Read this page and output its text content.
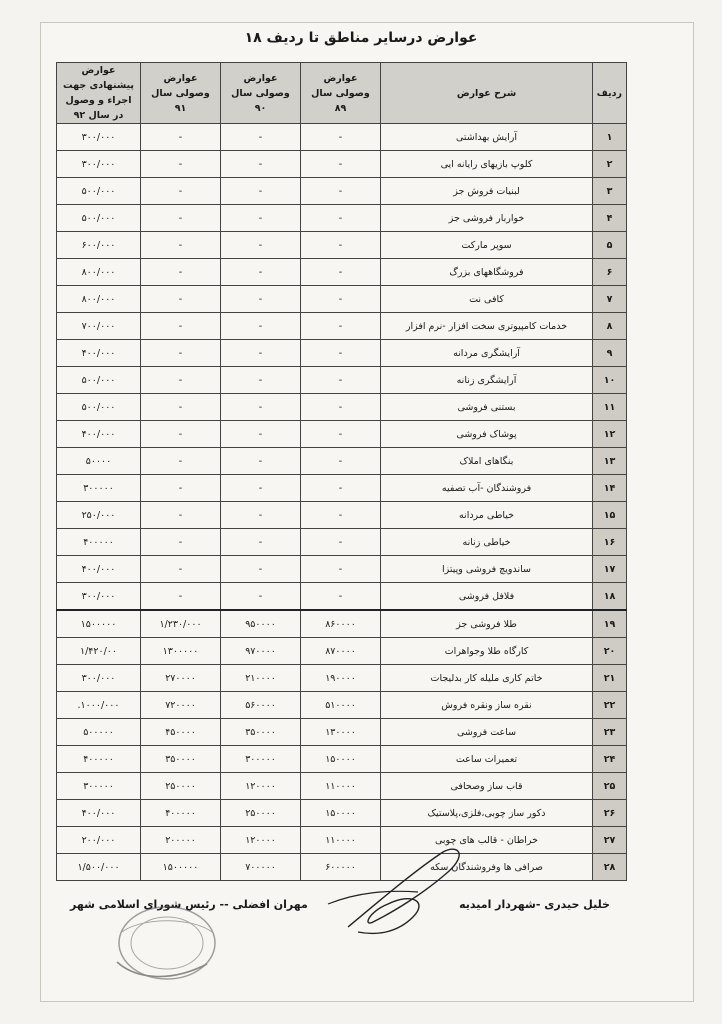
عوارض درسایر مناطق تا ردیف ۱۸
ردیف	شرح عوارض	عوارض وصولی سال ۸۹	عوارض وصولی سال ۹۰	عوارض وصولی سال ۹۱	عوارض پیشنهادی جهت اجراء و وصول در سال ۹۲
۱	آرایش بهداشتی	-	-	-	۳۰۰/۰۰۰
۲	کلوپ بازیهای رایانه ایی	-	-	-	۳۰۰/۰۰۰
۳	لبنیات فروش جز	-	-	-	۵۰۰/۰۰۰
۴	خواربار فروشی جز	-	-	-	۵۰۰/۰۰۰
۵	سوپر مارکت	-	-	-	۶۰۰/۰۰۰
۶	فروشگاههای بزرگ	-	-	-	۸۰۰/۰۰۰
۷	کافی نت	-	-	-	۸۰۰/۰۰۰
۸	خدمات کامپیوتری سخت افزار -نرم افزار	-	-	-	۷۰۰/۰۰۰
۹	آرایشگری مردانه	-	-	-	۴۰۰/۰۰۰
۱۰	آرایشگری زنانه	-	-	-	۵۰۰/۰۰۰
۱۱	بستنی فروشی	-	-	-	۵۰۰/۰۰۰
۱۲	پوشاک فروشی	-	-	-	۴۰۰/۰۰۰
۱۳	بنگاهای املاک	-	-	-	۵۰۰۰۰
۱۴	فروشندگان -آب تصفیه	-	-	-	۳۰۰۰۰۰
۱۵	خیاطی مردانه	-	-	-	۲۵۰/۰۰۰
۱۶	خیاطی زنانه	-	-	-	۴۰۰۰۰۰
۱۷	ساندویچ فروشی وپیتزا	-	-	-	۴۰۰/۰۰۰
۱۸	فلافل فروشی	-	-	-	۳۰۰/۰۰۰
۱۹	طلا فروشی جز	۸۶۰۰۰۰	۹۵۰۰۰۰	۱/۲۳۰/۰۰۰	۱۵۰۰۰۰۰
۲۰	کارگاه طلا وجواهرات	۸۷۰۰۰۰	۹۷۰۰۰۰	۱۳۰۰۰۰۰	۱/۴۲۰/۰۰
۲۱	خاتم کاری ملیله کار بدلیجات	۱۹۰۰۰۰	۲۱۰۰۰۰	۲۷۰۰۰۰	۳۰۰/۰۰۰
۲۲	نقره ساز ونقره فروش	۵۱۰۰۰۰	۵۶۰۰۰۰	۷۲۰۰۰۰	۱۰۰۰/۰۰۰.
۲۳	ساعت فروشی	۱۳۰۰۰۰	۳۵۰۰۰۰	۴۵۰۰۰۰	۵۰۰۰۰۰
۲۴	تعمیرات ساعت	۱۵۰۰۰۰	۳۰۰۰۰۰	۳۵۰۰۰۰	۴۰۰۰۰۰
۲۵	قاب ساز وصحافی	۱۱۰۰۰۰	۱۲۰۰۰۰	۲۵۰۰۰۰	۳۰۰۰۰۰
۲۶	دکور ساز چوبی،فلزی،پلاستیک	۱۵۰۰۰۰	۲۵۰۰۰۰	۴۰۰۰۰۰	۴۰۰/۰۰۰
۲۷	خراطان - قالب های چوبی	۱۱۰۰۰۰	۱۲۰۰۰۰	۲۰۰۰۰۰	۲۰۰/۰۰۰
۲۸	صرافی ها وفروشندگان سکه	۶۰۰۰۰۰	۷۰۰۰۰۰	۱۵۰۰۰۰۰	۱/۵۰۰/۰۰۰
خلیل حیدری -شهردار امیدیه
مهران افضلی -- رئیس شورای اسلامی شهر
